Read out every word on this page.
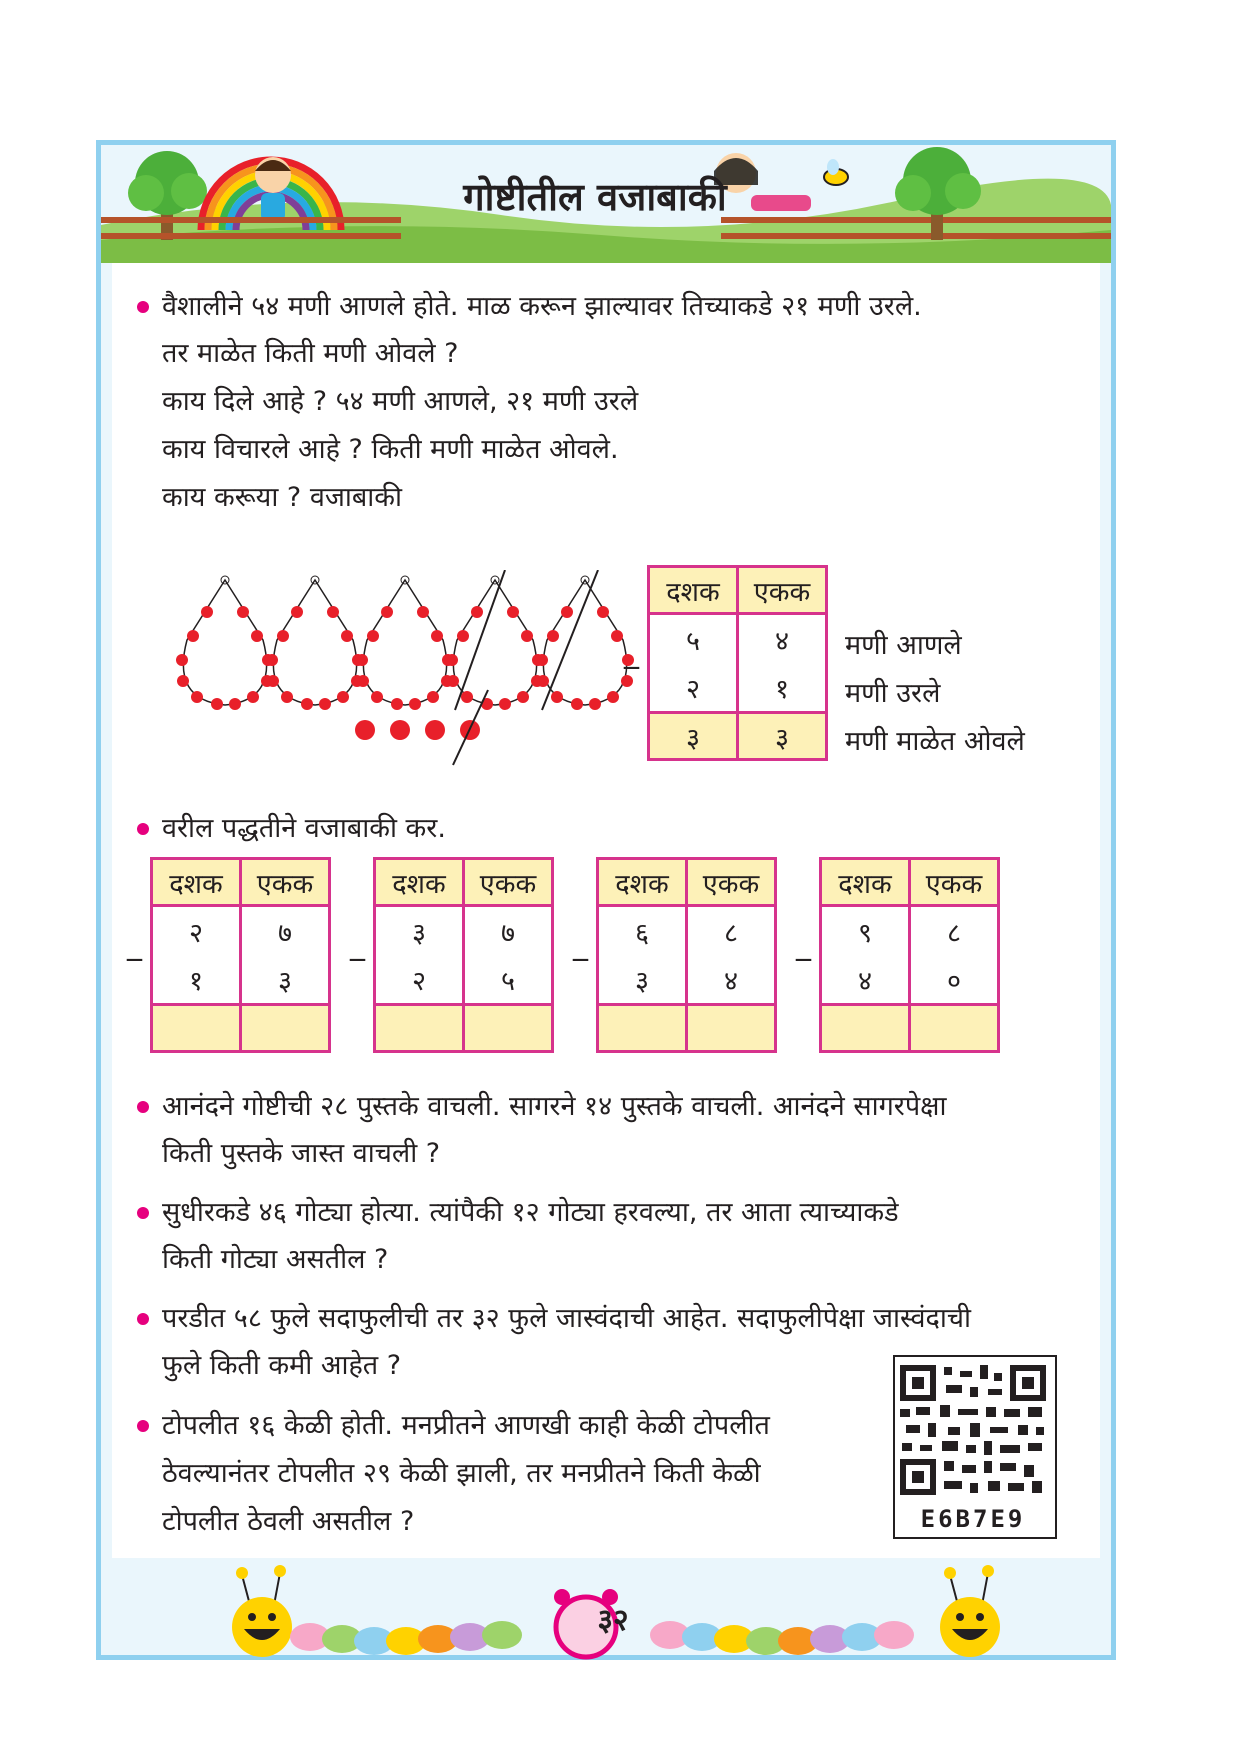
गोष्टीतील वजाबाकी
वैशालीने ५४ मणी आणले होते. माळ करून झाल्यावर तिच्याकडे २१ मणी उरले.
तर माळेत किती मणी ओवले ?
काय दिले आहे ? ५४ मणी आणले, २१ मणी उरले
काय विचारले आहे ? किती मणी माळेत ओवले.
काय करूया ? वजाबाकी
दशक	एकक

_ ५	४
२	१
३	३
मणी आणले
मणी उरले
मणी माळेत ओवले
वरील पद्धतीने वजाबाकी कर.
दशक	एकक

_ २	७
१	३

दशक	एकक

_ ३	७
२	५

दशक	एकक

_ ६	८
३	४

दशक	एकक

_ ९	८
४	०

आनंदने गोष्टीची २८ पुस्तके वाचली. सागरने १४ पुस्तके वाचली. आनंदने सागरपेक्षा
किती पुस्तके जास्त वाचली ?
सुधीरकडे ४६ गोट्या होत्या. त्यांपैकी १२ गोट्या हरवल्या, तर आता त्याच्याकडे
किती गोट्या असतील ?
परडीत ५८ फुले सदाफुलीची तर ३२ फुले जास्वंदाची आहेत. सदाफुलीपेक्षा जास्वंदाची
फुले किती कमी आहेत ?
टोपलीत १६ केळी होती. मनप्रीतने आणखी काही केळी टोपलीत
ठेवल्यानंतर टोपलीत २९ केळी झाली, तर मनप्रीतने किती केळी
टोपलीत ठेवली असतील ?	E6B7E9
३२
